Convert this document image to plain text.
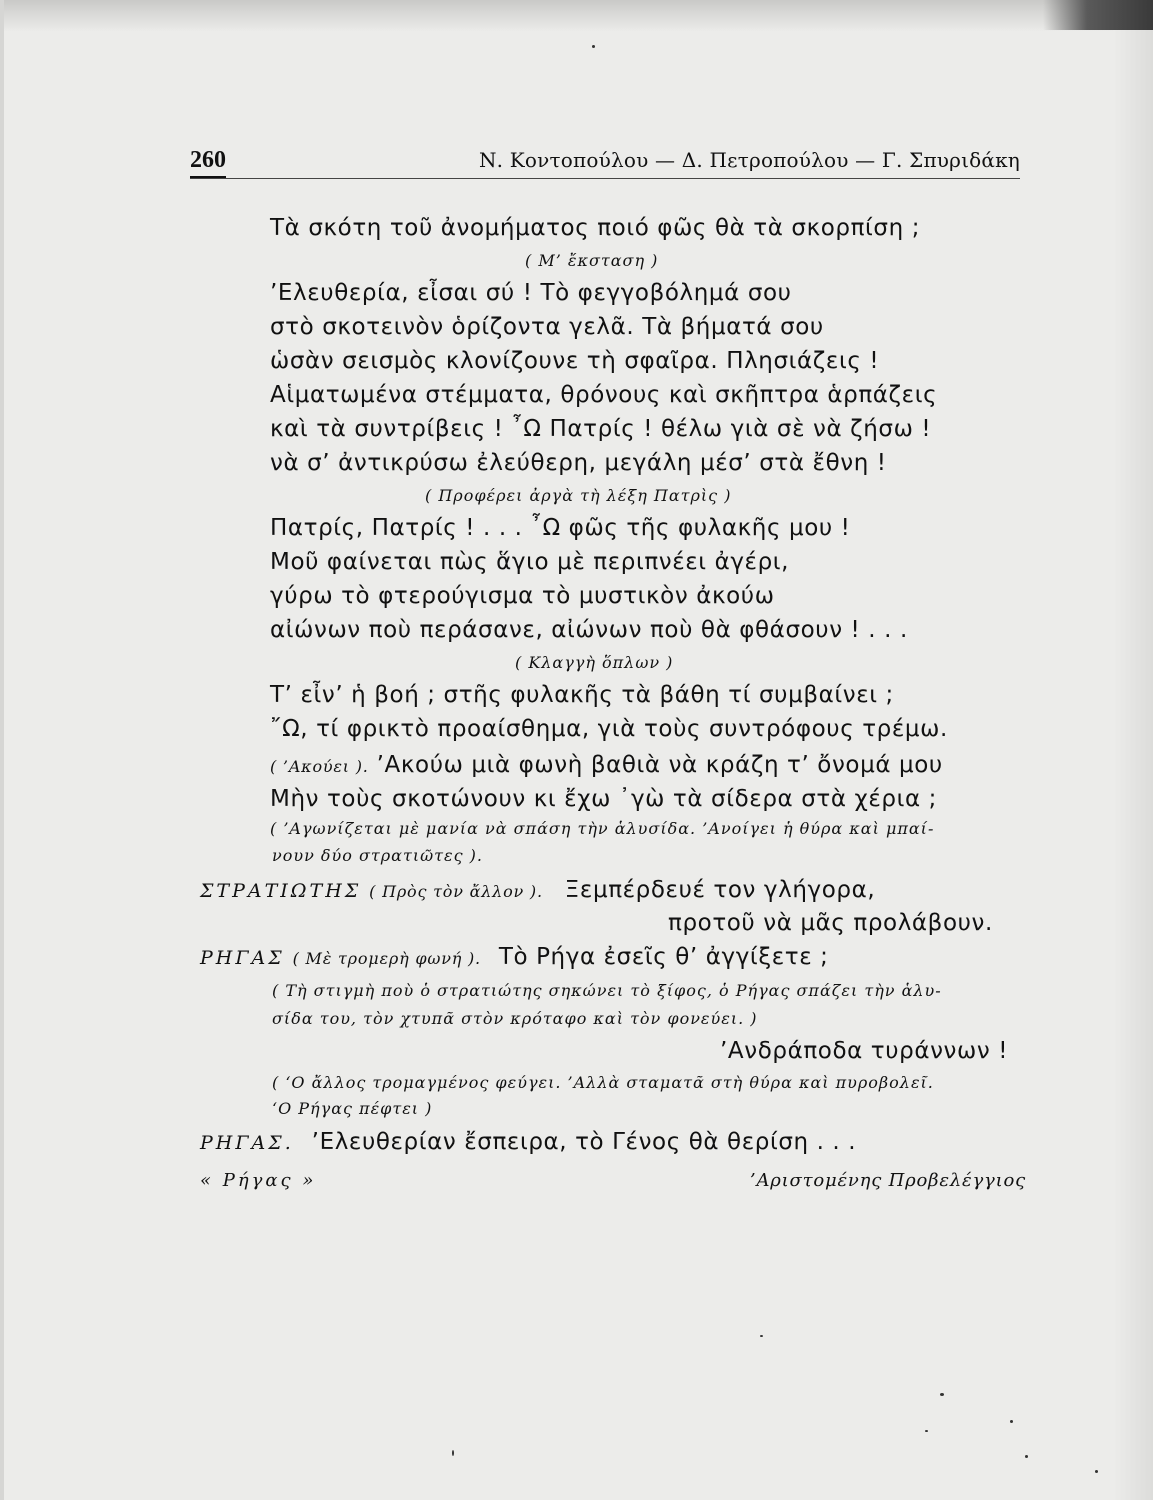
260	Ν. Κοντοπούλου — Δ. Πετροπούλου — Γ. Σπυριδάκη
Τὰ σκότη τοῦ ἀνομήματος ποιό φῶς θὰ τὰ σκορπίση ;
( Μ’ ἔκσταση )
’Ελευθερία, εἶσαι σύ ! Τὸ φεγγοβόλημά σου
στὸ σκοτεινὸν ὁρίζοντα γελᾶ. Τὰ βήματά σου
ὡσὰν σεισμὸς κλονίζουνε τὴ σφαῖρα. Πλησιάζεις !
Αἱματωμένα στέμματα, θρόνους καὶ σκῆπτρα ἁρπάζεις
καὶ τὰ συντρίβεις ! ῏Ω Πατρίς ! θέλω γιὰ σὲ νὰ ζήσω !
νὰ σ’ ἀντικρύσω ἐλεύθερη, μεγάλη μέσ’ στὰ ἔθνη !
( Προφέρει ἀργὰ τὴ λέξη Πατρὶς )
Πατρίς, Πατρίς ! . . . ῏Ω φῶς τῆς φυλακῆς μου !
Μοῦ φαίνεται πὼς ἅγιο μὲ περιπνέει ἀγέρι,
γύρω τὸ φτερούγισμα τὸ μυστικὸν ἀκούω
αἰώνων ποὺ περάσανε, αἰώνων ποὺ θὰ φθάσουν ! . . .
( Κλαγγὴ ὅπλων )
Τ’ εἶν’ ἡ βοή ; στῆς φυλακῆς τὰ βάθη τί συμβαίνει ;
῎Ω, τί φρικτὸ προαίσθημα, γιὰ τοὺς συντρόφους τρέμω.
( ’Ακούει ). ’Ακούω μιὰ φωνὴ βαθιὰ νὰ κράζη τ’ ὄνομά μου
Μὴν τοὺς σκοτώνουν κι ἔχω ᾽γὼ τὰ σίδερα στὰ χέρια ;
( ’Αγωνίζεται μὲ μανία νὰ σπάση τὴν ἁλυσίδα. ’Ανοίγει ἡ θύρα καὶ μπαί-
νουν δύο στρατιῶτες ).
ΣΤΡΑΤΙΩΤΗΣ ( Πρὸς τὸν ἄλλον ). Ξεμπέρδευέ τον γλήγορα,
προτοῦ νὰ μᾶς προλάβουν.
ΡΗΓΑΣ ( Μὲ τρομερὴ φωνή ). Τὸ Ρήγα ἐσεῖς θ’ ἀγγίξετε ;
( Τὴ στιγμὴ ποὺ ὁ στρατιώτης σηκώνει τὸ ξίφος, ὁ Ρήγας σπάζει τὴν ἁλυ-
σίδα του, τὸν χτυπᾶ στὸν κρόταφο καὶ τὸν φονεύει. )
’Ανδράποδα τυράννων !
( ‘Ο ἄλλος τρομαγμένος φεύγει. ’Αλλὰ σταματᾶ στὴ θύρα καὶ πυροβολεῖ.
‘Ο Ρήγας πέφτει )
ΡΗΓΑΣ. ’Ελευθερίαν ἔσπειρα, τὸ Γένος θὰ θερίση . . .
« Ρήγας »	’Αριστομένης Προβελέγγιος
